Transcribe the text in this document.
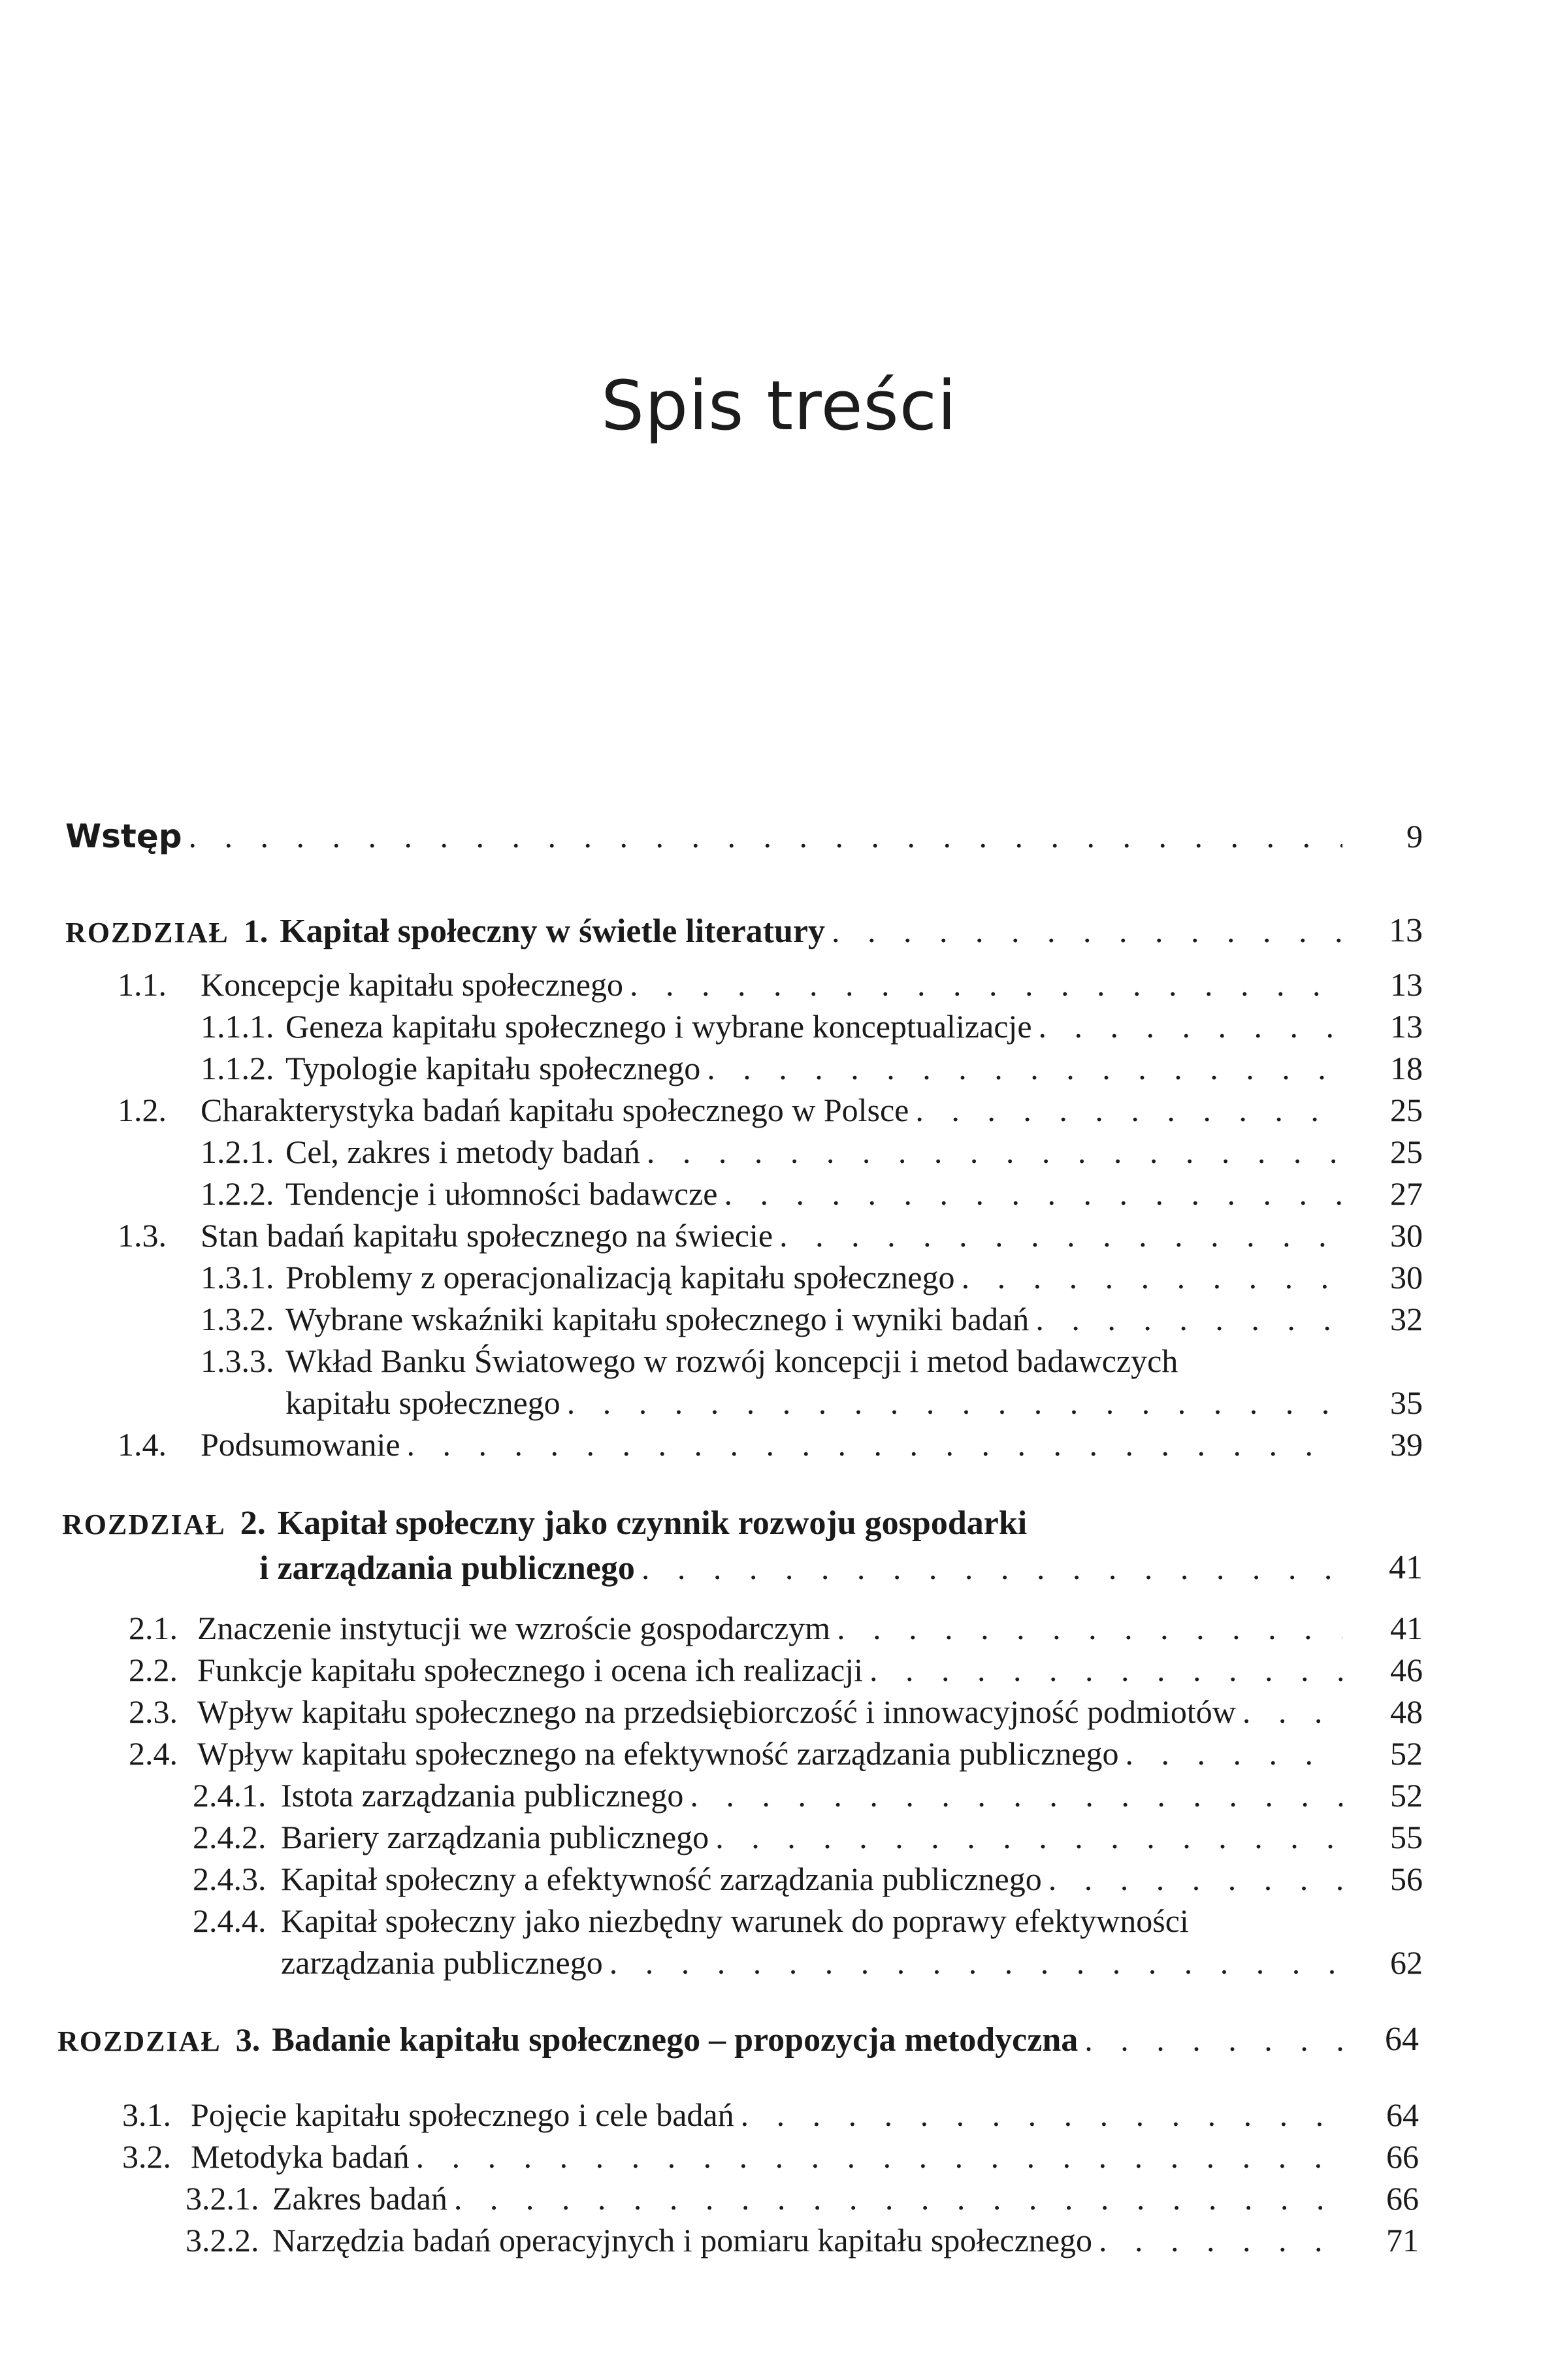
Spis treści
Wstęp . . .	9
ROZDZIAŁ 1. Kapitał społeczny w świetle literatury . . .	13
1.1.	Koncepcje kapitału społecznego . . .	13
1.1.1. Geneza kapitału społecznego i wybrane konceptualizacje . . .	13
1.1.2. Typologie kapitału społecznego . . .	18
1.2.	Charakterystyka badań kapitału społecznego w Polsce . . .	25
1.2.1. Cel, zakres i metody badań . . .	25
1.2.2. Tendencje i ułomności badawcze . . .	27
1.3.	Stan badań kapitału społecznego na świecie . . .	30
1.3.1. Problemy z operacjonalizacją kapitału społecznego . . .	30
1.3.2. Wybrane wskaźniki kapitału społecznego i wyniki badań . . .	32
1.3.3. Wkład Banku Światowego w rozwój koncepcji i metod badawczych
kapitału społecznego . . .	35
1.4.	Podsumowanie . . .	39
ROZDZIAŁ 2. Kapitał społeczny jako czynnik rozwoju gospodarki
i zarządzania publicznego . . .	41
2.1. Znaczenie instytucji we wzroście gospodarczym . . .	41
2.2. Funkcje kapitału społecznego i ocena ich realizacji . . .	46
2.3. Wpływ kapitału społecznego na przedsiębiorczość i innowacyjność podmiotów . . .	48
2.4. Wpływ kapitału społecznego na efektywność zarządzania publicznego . . .	52
2.4.1. Istota zarządzania publicznego . . .	52
2.4.2. Bariery zarządzania publicznego . . .	55
2.4.3. Kapitał społeczny a efektywność zarządzania publicznego . . .	56
2.4.4. Kapitał społeczny jako niezbędny warunek do poprawy efektywności
zarządzania publicznego . . .	62
ROZDZIAŁ 3. Badanie kapitału społecznego – propozycja metodyczna . . .	64
3.1. Pojęcie kapitału społecznego i cele badań . . .	64
3.2. Metodyka badań . . .	66
3.2.1. Zakres badań . . .	66
3.2.2. Narzędzia badań operacyjnych i pomiaru kapitału społecznego . . .	71
